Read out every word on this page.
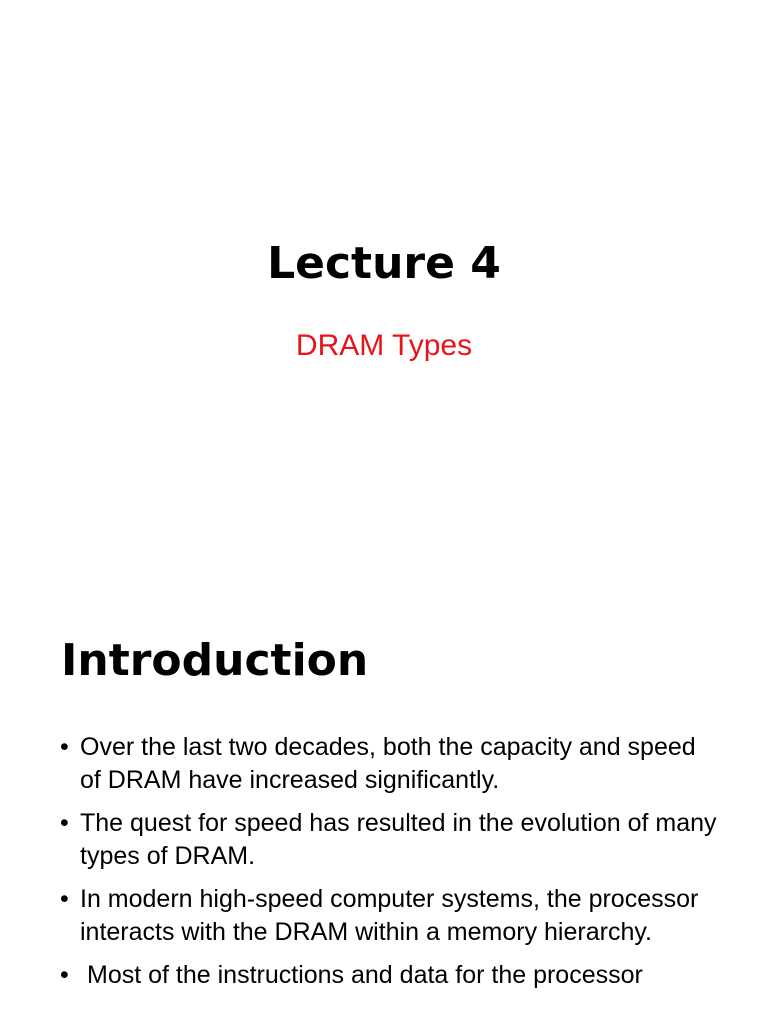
Lecture 4
DRAM Types
Introduction
• Over the last two decades, both the capacity and speed of DRAM have increased significantly.
• The quest for speed has resulted in the evolution of many types of DRAM.
• In modern high-speed computer systems, the processor interacts with the DRAM within a memory hierarchy.
• Most of the instructions and data for the processor
